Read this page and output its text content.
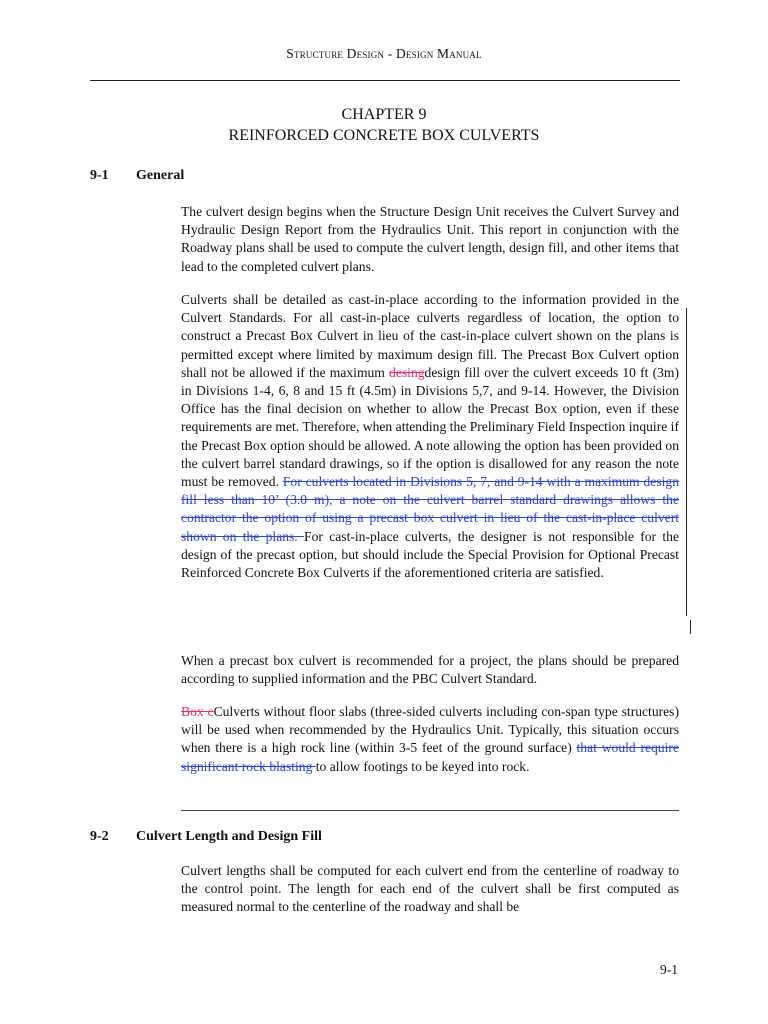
Structure Design - Design Manual
CHAPTER 9
REINFORCED CONCRETE BOX CULVERTS
9-1 General

The culvert design begins when the Structure Design Unit receives the Culvert Survey and Hydraulic Design Report from the Hydraulics Unit. This report in conjunction with the Roadway plans shall be used to compute the culvert length, design fill, and other items that lead to the completed culvert plans.

Culverts shall be detailed as cast-in-place according to the information provided in the Culvert Standards. For all cast-in-place culverts regardless of location, the option to construct a Precast Box Culvert in lieu of the cast-in-place culvert shown on the plans is permitted except where limited by maximum design fill. The Precast Box Culvert option shall not be allowed if the maximum desingdesign fill over the culvert exceeds 10 ft (3m) in Divisions 1-4, 6, 8 and 15 ft (4.5m) in Divisions 5,7, and 9-14. However, the Division Office has the final decision on whether to allow the Precast Box option, even if these requirements are met. Therefore, when attending the Preliminary Field Inspection inquire if the Precast Box option should be allowed. A note allowing the option has been provided on the culvert barrel standard drawings, so if the option is disallowed for any reason the note must be removed. For culverts located in Divisions 5, 7, and 9-14 with a maximum design fill less than 10’ (3.0 m), a note on the culvert barrel standard drawings allows the contractor the option of using a precast box culvert in lieu of the cast-in-place culvert shown on the plans. For cast-in-place culverts, the designer is not responsible for the design of the precast option, but should include the Special Provision for Optional Precast Reinforced Concrete Box Culverts if the aforementioned criteria are satisfied.

When a precast box culvert is recommended for a project, the plans should be prepared according to supplied information and the PBC Culvert Standard.

Box cCulverts without floor slabs (three-sided culverts including con-span type structures) will be used when recommended by the Hydraulics Unit. Typically, this situation occurs when there is a high rock line (within 3-5 feet of the ground surface) that would require significant rock blasting to allow footings to be keyed into rock.

9-2 Culvert Length and Design Fill

Culvert lengths shall be computed for each culvert end from the centerline of roadway to the control point. The length for each end of the culvert shall be first computed as measured normal to the centerline of the roadway and shall be

9-1
